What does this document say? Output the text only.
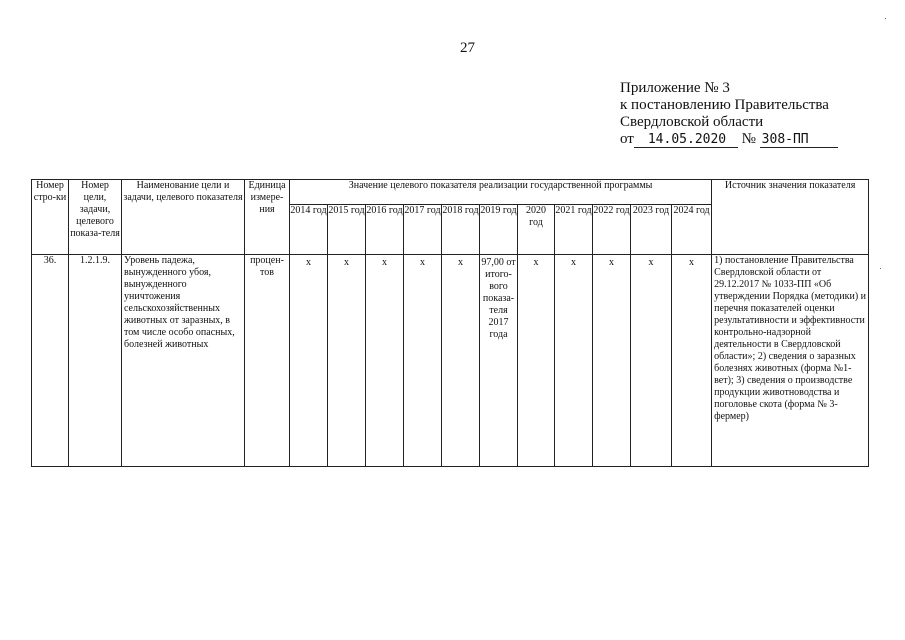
27
Приложение № 3
к постановлению Правительства
Свердловской области
от 14.05.2020 № 308-ПП
Номер стро-ки	Номер цели, задачи, целевого показа-теля	Наименование цели и задачи, целевого показателя	Единица измере-ния	Значение целевого показателя реализации государственной программы											Источник значения показателя
				2014 год	2015 год	2016 год	2017 год	2018 год	2019 год	2020 год	2021 год	2022 год	2023 год	2024 год	
36.	1.2.1.9.	Уровень падежа, вынужденного убоя, вынужденного уничтожения сельскохозяйственных животных от заразных, в том числе особо опасных, болезней животных	процен-тов	х	х	х	х	х	97,00 от итого-вого показа-теля 2017 года	х	х	х	х	х	1) постановление Правительства Свердловской области от 29.12.2017 № 1033-ПП «Об утверждении Порядка (методики) и перечня показателей оценки результативности и эффективности контрольно-надзорной деятельности в Свердловской области»; 2) сведения о заразных болезнях животных (форма №1-вет); 3) сведения о производстве продукции животноводства и поголовье скота (форма № 3-фермер)
